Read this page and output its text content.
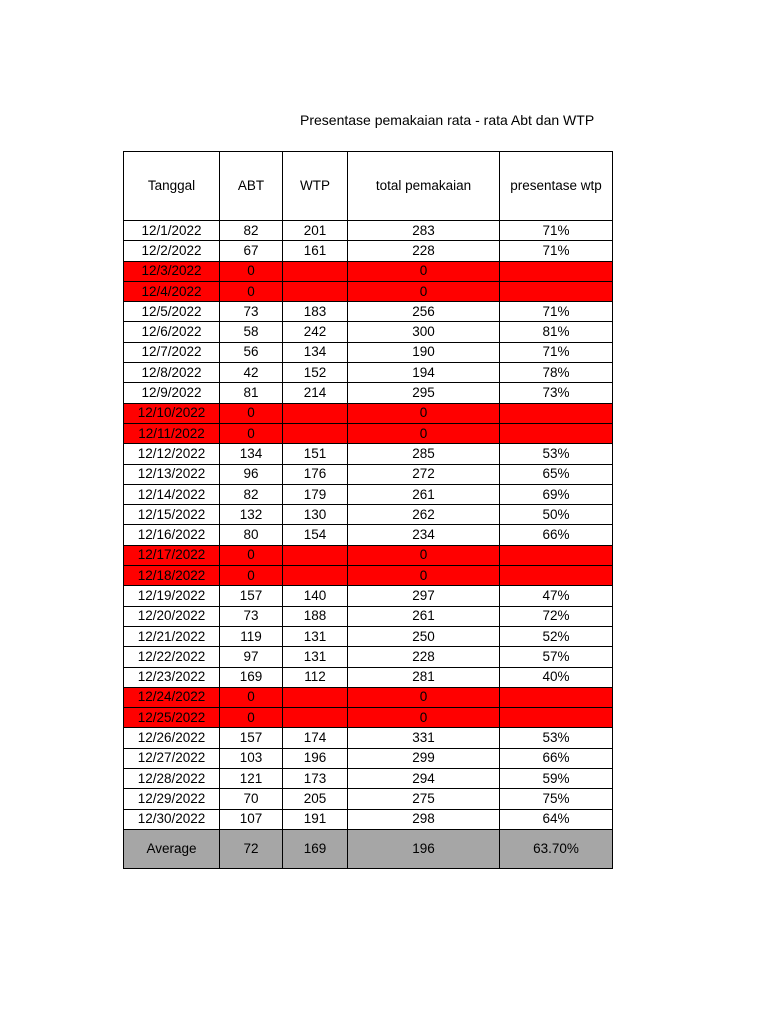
Presentase pemakaian rata - rata Abt dan WTP
Tanggal	ABT	WTP	total pemakaian	presentase wtp
12/1/2022	82	201	283	71%
12/2/2022	67	161	228	71%
12/3/2022	0		0	
12/4/2022	0		0	
12/5/2022	73	183	256	71%
12/6/2022	58	242	300	81%
12/7/2022	56	134	190	71%
12/8/2022	42	152	194	78%
12/9/2022	81	214	295	73%
12/10/2022	0		0	
12/11/2022	0		0	
12/12/2022	134	151	285	53%
12/13/2022	96	176	272	65%
12/14/2022	82	179	261	69%
12/15/2022	132	130	262	50%
12/16/2022	80	154	234	66%
12/17/2022	0		0	
12/18/2022	0		0	
12/19/2022	157	140	297	47%
12/20/2022	73	188	261	72%
12/21/2022	119	131	250	52%
12/22/2022	97	131	228	57%
12/23/2022	169	112	281	40%
12/24/2022	0		0	
12/25/2022	0		0	
12/26/2022	157	174	331	53%
12/27/2022	103	196	299	66%
12/28/2022	121	173	294	59%
12/29/2022	70	205	275	75%
12/30/2022	107	191	298	64%
Average	72	169	196	63.70%
